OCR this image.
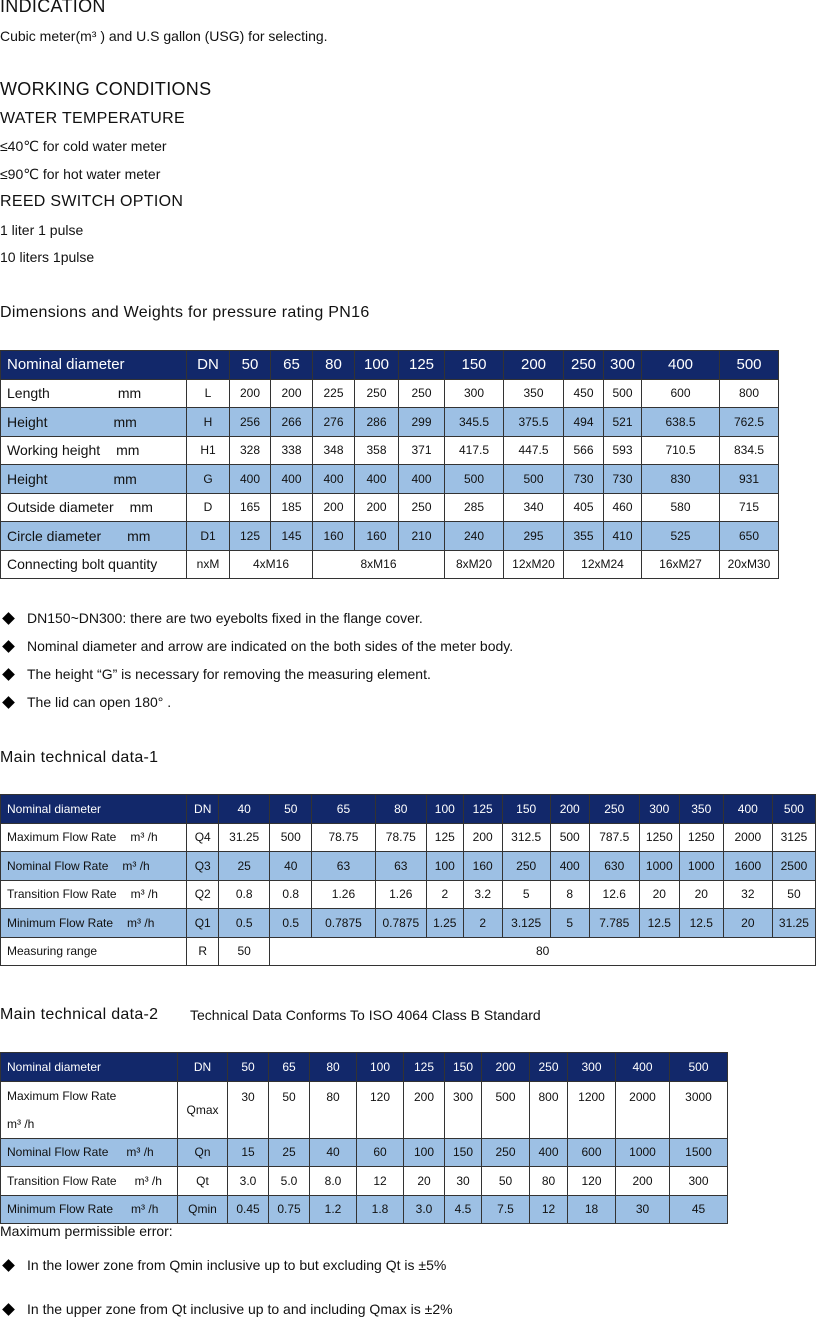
INDICATION
Cubic meter(m³ ) and U.S gallon (USG) for selecting.
WORKING CONDITIONS
WATER TEMPERATURE
≤40℃ for cold water meter
≤90℃ for hot water meter
REED SWITCH OPTION
1 liter 1 pulse
10 liters 1pulse
Dimensions and Weights for pressure rating PN16
Nominal diameter	DN	50	65	80	100	125	150	200	250	300	400	500
Length mm	L	200	200	225	250	250	300	350	450	500	600	800
Height mm	H	256	266	276	286	299	345.5	375.5	494	521	638.5	762.5
Working height mm	H1	328	338	348	358	371	417.5	447.5	566	593	710.5	834.5
Height mm	G	400	400	400	400	400	500	500	730	730	830	931
Outside diameter mm	D	165	185	200	200	250	285	340	405	460	580	715
Circle diameter mm	D1	125	145	160	160	210	240	295	355	410	525	650
Connecting bolt quantity	nxM	4xM16		8xM16			8xM20	12xM20	12xM24		16xM27	20xM30
DN150~DN300: there are two eyebolts fixed in the flange cover.
Nominal diameter and arrow are indicated on the both sides of the meter body.
The height “G” is necessary for removing the measuring element.
The lid can open 180° .
Main technical data-1
Nominal diameter	DN	40	50	65	80	100	125	150	200	250	300	350	400	500
Maximum Flow Rate m³ /h	Q4	31.25	500	78.75	78.75	125	200	312.5	500	787.5	1250	1250	2000	3125
Nominal Flow Rate m³ /h	Q3	25	40	63	63	100	160	250	400	630	1000	1000	1600	2500
Transition Flow Rate m³ /h	Q2	0.8	0.8	1.26	1.26	2	3.2	5	8	12.6	20	20	32	50
Minimum Flow Rate m³ /h	Q1	0.5	0.5	0.7875	0.7875	1.25	2	3.125	5	7.785	12.5	12.5	20	31.25
Measuring range	R	50	80											
Main technical data-2 Technical Data Conforms To ISO 4064 Class B Standard
Nominal diameter	DN	50	65	80	100	125	150	200	250	300	400	500

Maximum Flow Rate
m³ /h	Qmax	30	50	80	120	200	300	500	800	1200	2000	3000
Nominal Flow Rate m³ /h	Qn	15	25	40	60	100	150	250	400	600	1000	1500
Transition Flow Rate m³ /h	Qt	3.0	5.0	8.0	12	20	30	50	80	120	200	300
Minimum Flow Rate m³ /h	Qmin	0.45	0.75	1.2	1.8	3.0	4.5	7.5	12	18	30	45
Maximum permissible error:
In the lower zone from Qmin inclusive up to but excluding Qt is ±5%
In the upper zone from Qt inclusive up to and including Qmax is ±2%
